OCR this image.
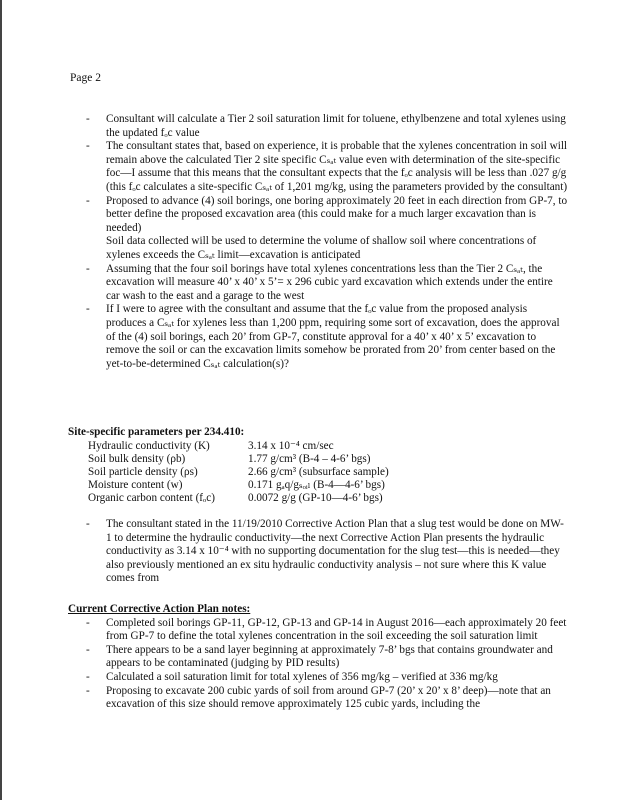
Page 2
- Consultant will calculate a Tier 2 soil saturation limit for toluene, ethylbenzene and total xylenes using the updated fₒc value
- The consultant states that, based on experience, it is probable that the xylenes concentration in soil will remain above the calculated Tier 2 site specific Cₛₐₜ value even with determination of the site-specific foc—I assume that this means that the consultant expects that the fₒc analysis will be less than .027 g/g (this fₒc calculates a site-specific Cₛₐₜ of 1,201 mg/kg, using the parameters provided by the consultant)
- Proposed to advance (4) soil borings, one boring approximately 20 feet in each direction from GP-7, to better define the proposed excavation area (this could make for a much larger excavation than is needed)
Soil data collected will be used to determine the volume of shallow soil where concentrations of xylenes exceeds the Cₛₐₜ limit—excavation is anticipated
- Assuming that the four soil borings have total xylenes concentrations less than the Tier 2 Cₛₐₜ, the excavation will measure 40’ x 40’ x 5’= x 296 cubic yard excavation which extends under the entire car wash to the east and a garage to the west
- If I were to agree with the consultant and assume that the fₒc value from the proposed analysis produces a Cₛₐₜ for xylenes less than 1,200 ppm, requiring some sort of excavation, does the approval of the (4) soil borings, each 20’ from GP-7, constitute approval for a 40’ x 40’ x 5’ excavation to remove the soil or can the excavation limits somehow be prorated from 20’ from center based on the yet-to-be-determined Cₛₐₜ calculation(s)?
Site-specific parameters per 234.410:
Hydraulic conductivity (K)	3.14 x 10⁻⁴ cm/sec
Soil bulk density (ρb)	1.77 g/cm³ (B-4 – 4-6’ bgs)
Soil particle density (ρs)	2.66 g/cm³ (subsurface sample)
Moisture content (w)	0.171 gₐq/gₛₒᵢₗ (B-4—4-6’ bgs)
Organic carbon content (fₒc)	0.0072 g/g (GP-10—4-6’ bgs)
- The consultant stated in the 11/19/2010 Corrective Action Plan that a slug test would be done on MW-1 to determine the hydraulic conductivity—the next Corrective Action Plan presents the hydraulic conductivity as 3.14 x 10⁻⁴ with no supporting documentation for the slug test—this is needed—they also previously mentioned an ex situ hydraulic conductivity analysis – not sure where this K value comes from
Current Corrective Action Plan notes:
- Completed soil borings GP-11, GP-12, GP-13 and GP-14 in August 2016—each approximately 20 feet from GP-7 to define the total xylenes concentration in the soil exceeding the soil saturation limit
- There appears to be a sand layer beginning at approximately 7-8’ bgs that contains groundwater and appears to be contaminated (judging by PID results)
- Calculated a soil saturation limit for total xylenes of 356 mg/kg – verified at 336 mg/kg
- Proposing to excavate 200 cubic yards of soil from around GP-7 (20’ x 20’ x 8’ deep)—note that an excavation of this size should remove approximately 125 cubic yards, including the
